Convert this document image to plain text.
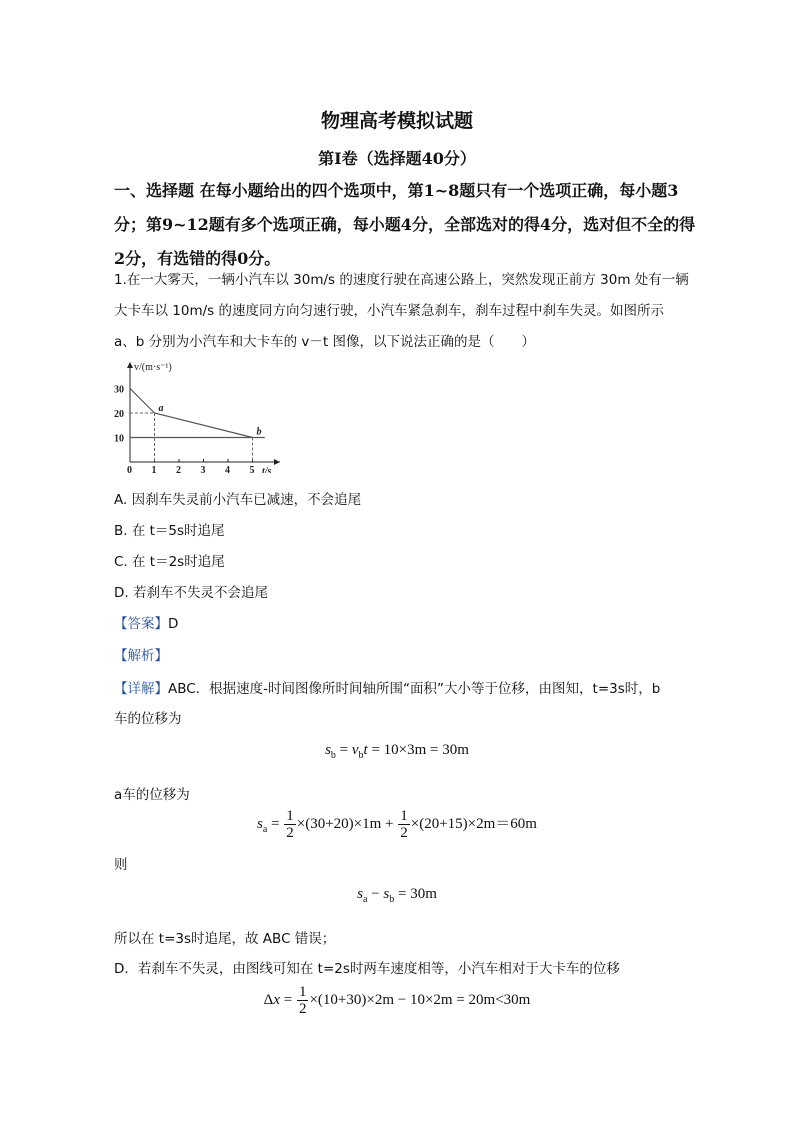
物理高考模拟试题
第I卷（选择题40分）
一、选择题 在每小题给出的四个选项中，第1~8题只有一个选项正确，每小题3分；第9~12题有多个选项正确，每小题4分，全部选对的得4分，选对但不全的得2分，有选错的得0分。
1.在一大雾天，一辆小汽车以 30m/s 的速度行驶在高速公路上，突然发现正前方 30m 处有一辆
大卡车以 10m/s 的速度同方向匀速行驶，小汽车紧急刹车，刹车过程中刹车失灵。如图所示
a、b 分别为小汽车和大卡车的 v－t 图像，以下说法正确的是（　　）
0 1 2 3 4 5
10
20
30
t/s
v/(m·s⁻¹)
a
b
A. 因刹车失灵前小汽车已减速，不会追尾
B. 在 t＝5s时追尾
C. 在 t＝2s时追尾
D. 若刹车不失灵不会追尾
【答案】D
【解析】
【详解】ABC．根据速度-时间图像所时间轴所围“面积”大小等于位移，由图知，t=3s时，b
车的位移为
$s_b = v_bt = 10\times 3m = 30m$
a车的位移为
$s_a = \frac{1}{2} \times(30+20)\times 1m + \frac{1}{2} \times(20+15)\times 2m=60m$
则
$s_a - s_b = 30m$
所以在 t=3s时追尾，故 ABC 错误；
D．若刹车不失灵，由图线可知在 t=2s时两车速度相等，小汽车相对于大卡车的位移
$\Delta x = \frac{1}{2} \times(10+30)\times 2m - 10\times 2m = 20m<30m$
